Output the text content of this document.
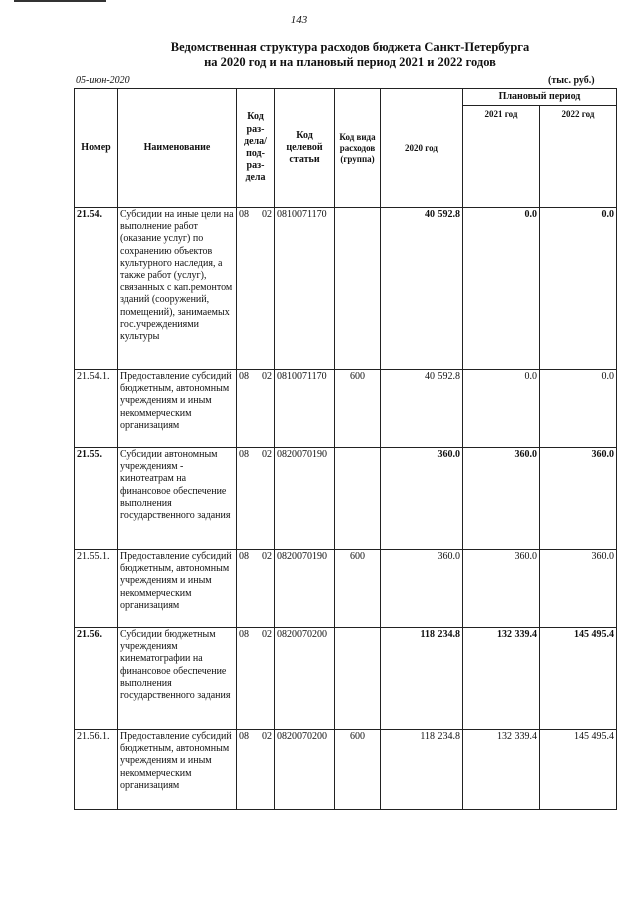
143
Ведомственная структура расходов бюджета Санкт-Петербурга
на 2020 год и на плановый период 2021 и 2022 годов
05-июн-2020	(тыс. руб.)
Номер	Наименование	Код раз-дела/ под-раз-дела	Код целевой статьи	Код вида расходов (группа)	2020 год	Плановый период	
						2021 год	2022 год
21.54.	Субсидии на иные цели на выполнение работ (оказание услуг) по сохранению объектов культурного наследия, а также работ (услуг), связанных с кап.ремонтом зданий (сооружений, помещений), занимаемых гос.учреждениями культуры	08 02	0810071170		40 592.8	0.0	0.0
21.54.1.	Предоставление субсидий бюджетным, автономным учреждениям и иным некоммерческим организациям	08 02	0810071170	600	40 592.8	0.0	0.0
21.55.	Субсидии автономным учреждениям - кинотеатрам на финансовое обеспечение выполнения государственного задания	08 02	0820070190		360.0	360.0	360.0
21.55.1.	Предоставление субсидий бюджетным, автономным учреждениям и иным некоммерческим организациям	08 02	0820070190	600	360.0	360.0	360.0
21.56.	Субсидии бюджетным учреждениям кинематографии на финансовое обеспечение выполнения государственного задания	08 02	0820070200		118 234.8	132 339.4	145 495.4
21.56.1.	Предоставление субсидий бюджетным, автономным учреждениям и иным некоммерческим организациям	08 02	0820070200	600	118 234.8	132 339.4	145 495.4
